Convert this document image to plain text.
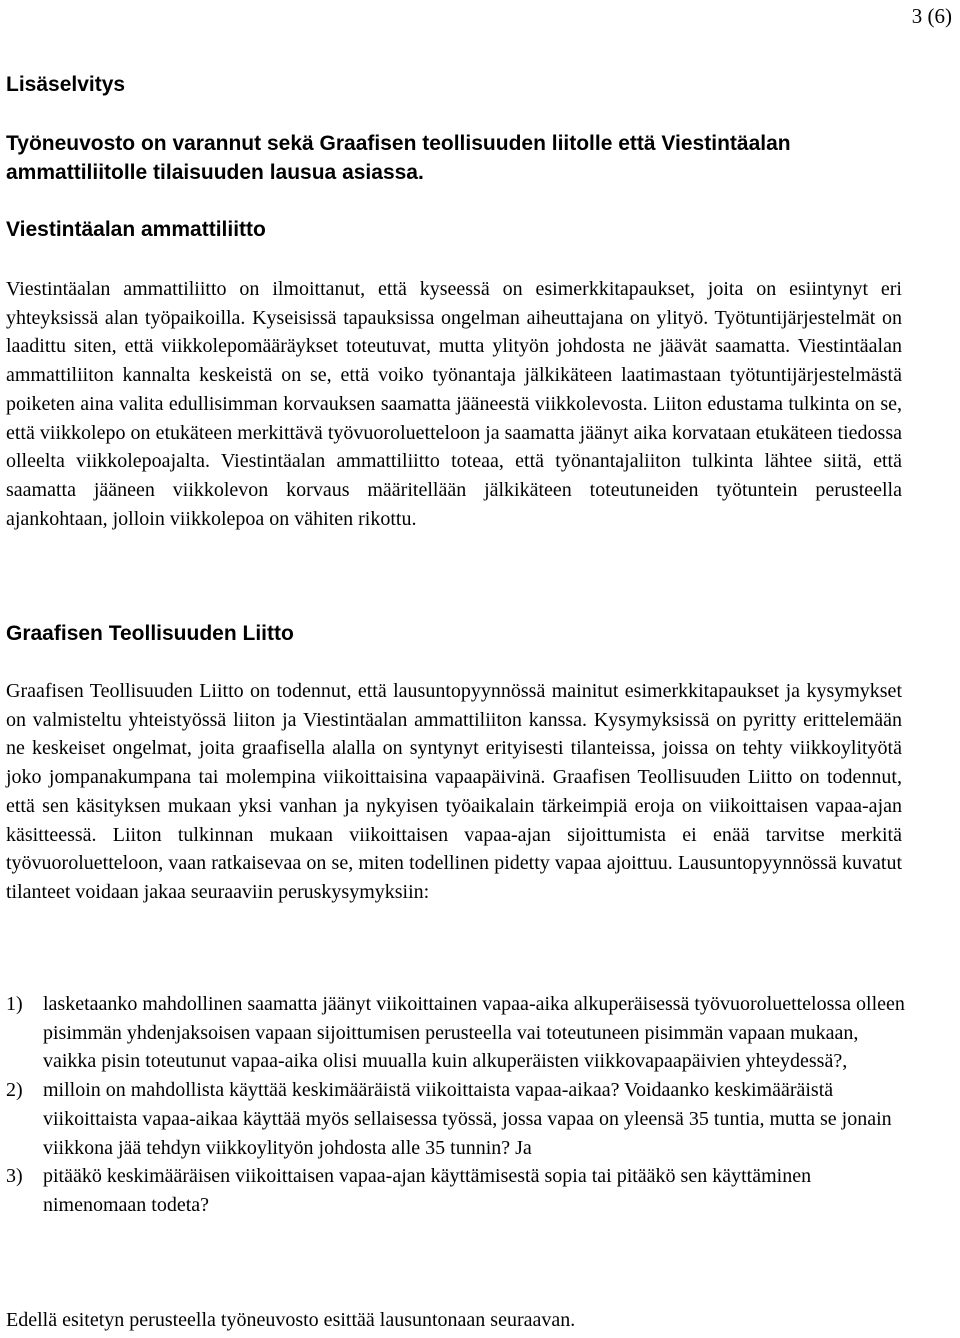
3 (6)
Lisäselvitys

Työneuvosto on varannut sekä Graafisen teollisuuden liitolle että Viestintäalan ammattiliitolle tilaisuuden lausua asiassa.

Viestintäalan ammattiliitto

Viestintäalan ammattiliitto on ilmoittanut, että kyseessä on esimerkkitapaukset, joita on esiintynyt eri yhteyksissä alan työpaikoilla. Kyseisissä tapauksissa ongelman aiheuttajana on ylityö. Työtuntijärjestelmät on laadittu siten, että viikkolepomääräykset toteutuvat, mutta ylityön johdosta ne jäävät saamatta. Viestintäalan ammattiliiton kannalta keskeistä on se, että voiko työnantaja jälkikäteen laatimastaan työtuntijärjestelmästä poiketen aina valita edullisimman korvauksen saamatta jääneestä viikkolevosta. Liiton edustama tulkinta on se, että viikkolepo on etukäteen merkittävä työvuoroluetteloon ja saamatta jäänyt aika korvataan etukäteen tiedossa olleelta viikkolepoajalta. Viestintäalan ammattiliitto toteaa, että työnantajaliiton tulkinta lähtee siitä, että saamatta jääneen viikkolevon korvaus määritellään jälkikäteen toteutuneiden työtuntein perusteella ajankohtaan, jolloin viikkolepoa on vähiten rikottu.

Graafisen Teollisuuden Liitto

Graafisen Teollisuuden Liitto on todennut, että lausuntopyynnössä mainitut esimerkkitapaukset ja kysymykset on valmisteltu yhteistyössä liiton ja Viestintäalan ammattiliiton kanssa. Kysymyksissä on pyritty erittelemään ne keskeiset ongelmat, joita graafisella alalla on syntynyt erityisesti tilanteissa, joissa on tehty viikkoylityötä joko jompanakumpana tai molempina viikoittaisina vapaapäivinä. Graafisen Teollisuuden Liitto on todennut, että sen käsityksen mukaan yksi vanhan ja nykyisen työaikalain tärkeimpiä eroja on viikoittaisen vapaa-ajan käsitteessä. Liiton tulkinnan mukaan viikoittaisen vapaa-ajan sijoittumista ei enää tarvitse merkitä työvuoroluetteloon, vaan ratkaisevaa on se, miten todellinen pidetty vapaa ajoittuu. Lausuntopyynnössä kuvatut tilanteet voidaan jakaa seuraaviin peruskysymyksiin:

1) lasketaanko mahdollinen saamatta jäänyt viikoittainen vapaa-aika alkuperäisessä työvuoroluettelossa olleen pisimmän yhdenjaksoisen vapaan sijoittumisen perusteella vai toteutuneen pisimmän vapaan mukaan, vaikka pisin toteutunut vapaa-aika olisi muualla kuin alkuperäisten viikkovapaapäivien yhteydessä?,
2) milloin on mahdollista käyttää keskimääräistä viikoittaista vapaa-aikaa? Voidaanko keskimääräistä viikoittaista vapaa-aikaa käyttää myös sellaisessa työssä, jossa vapaa on yleensä 35 tuntia, mutta se jonain viikkona jää tehdyn viikkoylityön johdosta alle 35 tunnin? Ja
3) pitääkö keskimääräisen viikoittaisen vapaa-ajan käyttämisestä sopia tai pitääkö sen käyttäminen nimenomaan todeta?

Edellä esitetyn perusteella työneuvosto esittää lausuntonaan seuraavan.
